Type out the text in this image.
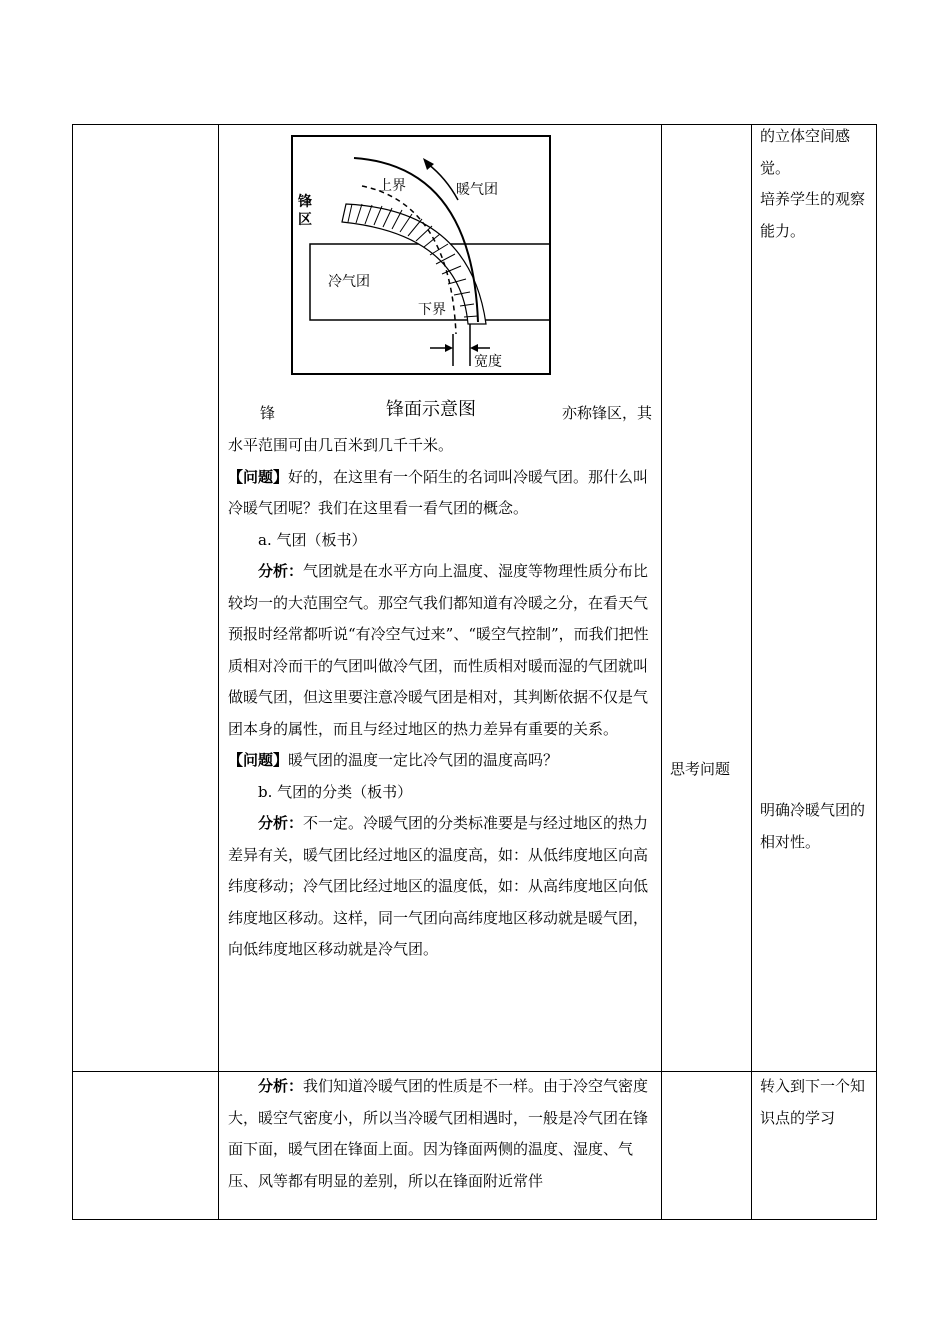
暖气团
上界
锋
区
冷气团
下界
宽度
锋	锋面示意图	亦称锋区，其

水平范围可由几百米到几千千米。

【问题】好的，在这里有一个陌生的名词叫冷暖气团。那什么叫冷暖气团呢？我们在这里看一看气团的概念。

a. 气团（板书）

分析：气团就是在水平方向上温度、湿度等物理性质分布比较均一的大范围空气。那空气我们都知道有冷暖之分，在看天气预报时经常都听说“有冷空气过来”、“暖空气控制”，而我们把性质相对冷而干的气团叫做冷气团，而性质相对暖而湿的气团就叫做暖气团，但这里要注意冷暖气团是相对，其判断依据不仅是气团本身的属性，而且与经过地区的热力差异有重要的关系。

【问题】暖气团的温度一定比冷气团的温度高吗？

b. 气团的分类（板书）

分析：不一定。冷暖气团的分类标准要是与经过地区的热力差异有关，暖气团比经过地区的温度高，如：从低纬度地区向高纬度移动；冷气团比经过地区的温度低，如：从高纬度地区向低纬度地区移动。这样，同一气团向高纬度地区移动就是暖气团，向低纬度地区移动就是冷气团。

思考问题

的立体空间感觉。

培养学生的观察能力。

明确冷暖气团的相对性。

分析：我们知道冷暖气团的性质是不一样。由于冷空气密度大，暖空气密度小，所以当冷暖气团相遇时，一般是冷气团在锋面下面，暖气团在锋面上面。因为锋面两侧的温度、湿度、气压、风等都有明显的差别，所以在锋面附近常伴

转入到下一个知识点的学习
